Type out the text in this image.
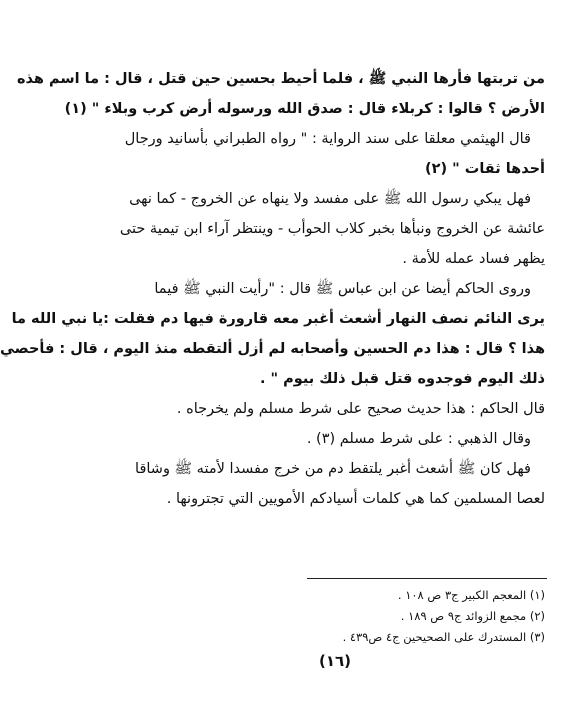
من تربتها فأرها النبي ﷺ ، فلما أحيط بحسين حين قتل ، قال : ما اسم هذه
الأرض ؟ قالوا : كربلاء قال : صدق الله ورسوله أرض كرب وبلاء " (١)
قال الهيثمي معلقا على سند الرواية : " رواه الطبراني بأسانيد ورجال
أحدها ثقات " (٢)
فهل يبكي رسول الله ﷺ على مفسد ولا ينهاه عن الخروج - كما نهى
عائشة عن الخروج ونبأها بخبر كلاب الحوأب - وينتظر آراء ابن تيمية حتى
يظهر فساد عمله للأمة .
وروى الحاكم أيضا عن ابن عباس ﷺ قال : "رأيت النبي ﷺ فيما
يرى النائم نصف النهار أشعث أغبر معه قارورة فيها دم فقلت :يا نبي الله ما
هذا ؟ قال : هذا دم الحسين وأصحابه لم أزل ألتقطه منذ اليوم ، قال : فأحصي
ذلك اليوم فوجدوه قتل قبل ذلك بيوم " .
قال الحاكم : هذا حديث صحيح على شرط مسلم ولم يخرجاه .
وقال الذهبي : على شرط مسلم (٣) .
فهل كان ﷺ أشعث أغبر يلتقط دم من خرج مفسدا لأمته ﷺ وشاقا
لعصا المسلمين كما هي كلمات أسيادكم الأمويين التي تجترونها .
(١) المعجم الكبير ج٣ ص ١٠٨ .
(٢) مجمع الزوائد ج٩ ص ١٨٩ .
(٣) المستدرك على الصحيحين ج٤ ص٤٣٩ .
(١٦)
